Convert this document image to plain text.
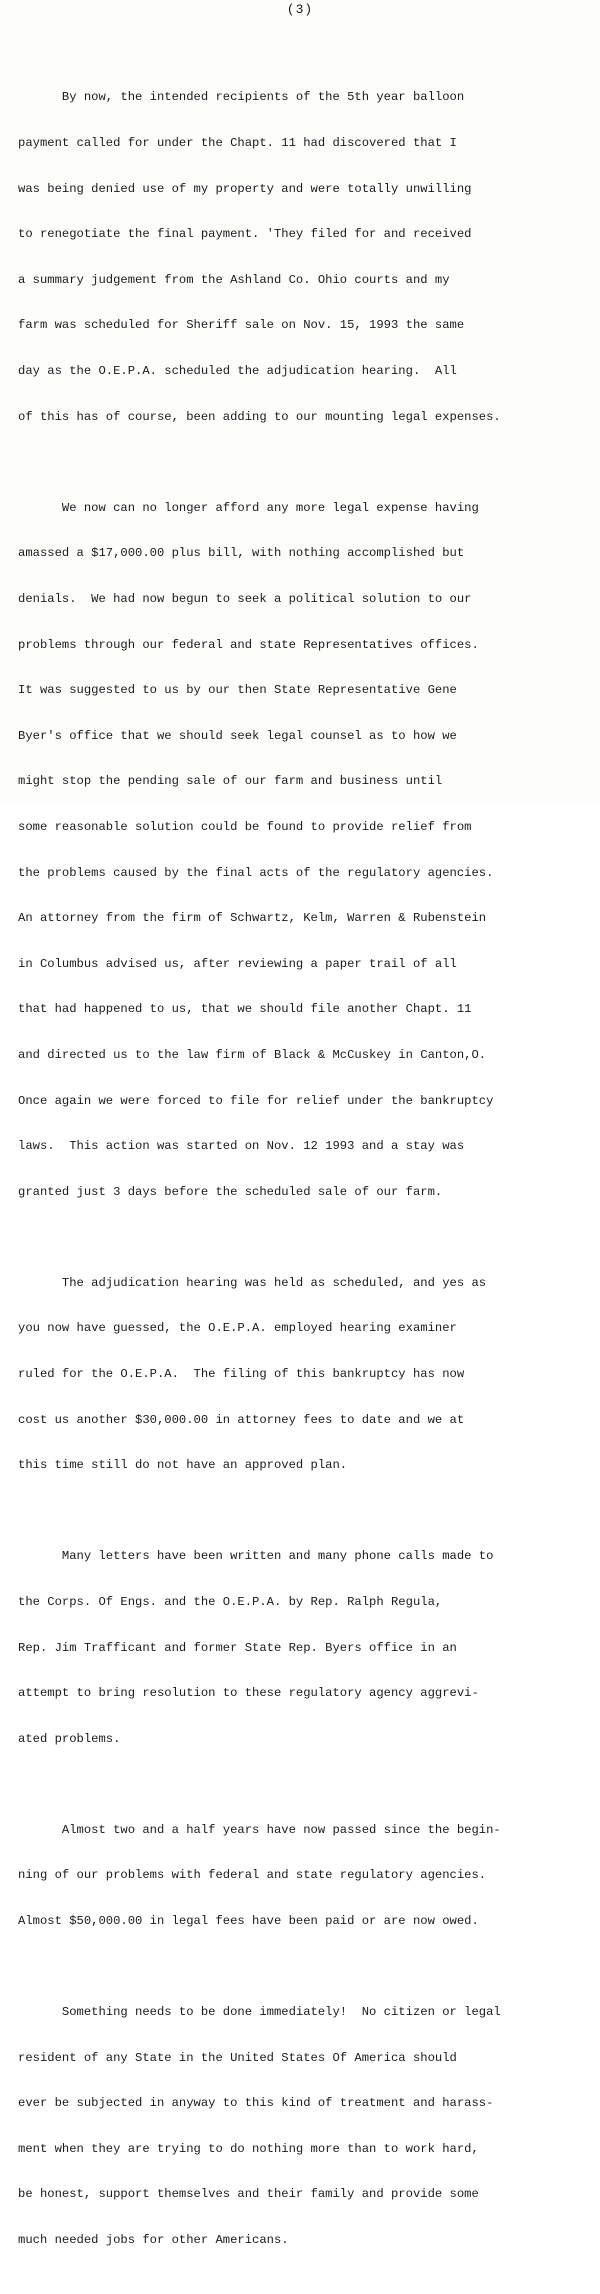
(3)

By now, the intended recipients of the 5th year balloon

payment called for under the Chapt. 11 had discovered that I

was being denied use of my property and were totally unwilling

to renegotiate the final payment. 'They filed for and received

a summary judgement from the Ashland Co. Ohio courts and my

farm was scheduled for Sheriff sale on Nov. 15, 1993 the same

day as the O.E.P.A. scheduled the adjudication hearing.  All

of this has of course, been adding to our mounting legal expenses.

We now can no longer afford any more legal expense having

amassed a $17,000.00 plus bill, with nothing accomplished but

denials.  We had now begun to seek a political solution to our

problems through our federal and state Representatives offices.

It was suggested to us by our then State Representative Gene

Byer's office that we should seek legal counsel as to how we

might stop the pending sale of our farm and business until

some reasonable solution could be found to provide relief from

the problems caused by the final acts of the regulatory agencies.

An attorney from the firm of Schwartz, Kelm, Warren & Rubenstein

in Columbus advised us, after reviewing a paper trail of all

that had happened to us, that we should file another Chapt. 11

and directed us to the law firm of Black & McCuskey in Canton,O.

Once again we were forced to file for relief under the bankruptcy

laws.  This action was started on Nov. 12 1993 and a stay was

granted just 3 days before the scheduled sale of our farm.

The adjudication hearing was held as scheduled, and yes as

you now have guessed, the O.E.P.A. employed hearing examiner

ruled for the O.E.P.A.  The filing of this bankruptcy has now

cost us another $30,000.00 in attorney fees to date and we at

this time still do not have an approved plan.

Many letters have been written and many phone calls made to

the Corps. Of Engs. and the O.E.P.A. by Rep. Ralph Regula,

Rep. Jim Trafficant and former State Rep. Byers office in an

attempt to bring resolution to these regulatory agency aggrevi-

ated problems.

Almost two and a half years have now passed since the begin-

ning of our problems with federal and state regulatory agencies.

Almost $50,000.00 in legal fees have been paid or are now owed.

Something needs to be done immediately!  No citizen or legal

resident of any State in the United States Of America should

ever be subjected in anyway to this kind of treatment and harass-

ment when they are trying to do nothing more than to work hard,

be honest, support themselves and their family and provide some

much needed jobs for other Americans.
